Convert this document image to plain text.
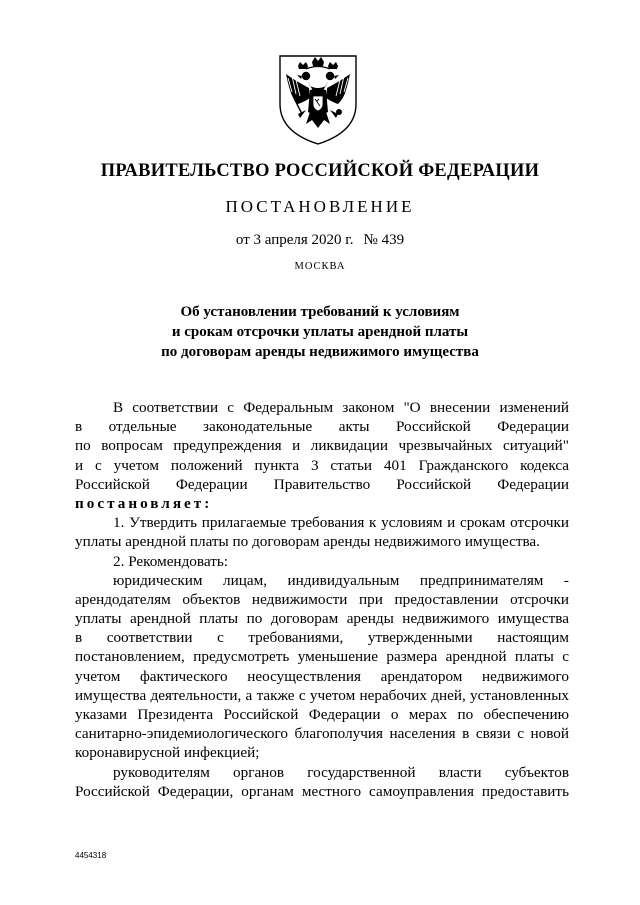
ПРАВИТЕЛЬСТВО РОССИЙСКОЙ ФЕДЕРАЦИИ
ПОСТАНОВЛЕНИЕ
от 3 апреля 2020 г. № 439
МОСКВА
Об установлении требований к условиям
и срокам отсрочки уплаты арендной платы
по договорам аренды недвижимого имущества
В соответствии с Федеральным законом "О внесении изменений
в отдельные законодательные акты Российской Федерации
по вопросам предупреждения и ликвидации чрезвычайных ситуаций"
и с учетом положений пункта 3 статьи 401 Гражданского кодекса
Российской Федерации Правительство Российской Федерации
постановляет:
1. Утвердить прилагаемые требования к условиям и срокам отсрочки
уплаты арендной платы по договорам аренды недвижимого имущества.
2. Рекомендовать:
юридическим лицам, индивидуальным предпринимателям -
арендодателям объектов недвижимости при предоставлении отсрочки
уплаты арендной платы по договорам аренды недвижимого имущества
в соответствии с требованиями, утвержденными настоящим
постановлением, предусмотреть уменьшение размера арендной платы с
учетом фактического неосуществления арендатором недвижимого
имущества деятельности, а также с учетом нерабочих дней, установленных
указами Президента Российской Федерации о мерах по обеспечению
санитарно-эпидемиологического благополучия населения в связи с новой
коронавирусной инфекцией;
руководителям органов государственной власти субъектов
Российской Федерации, органам местного самоуправления предоставить
4454318
